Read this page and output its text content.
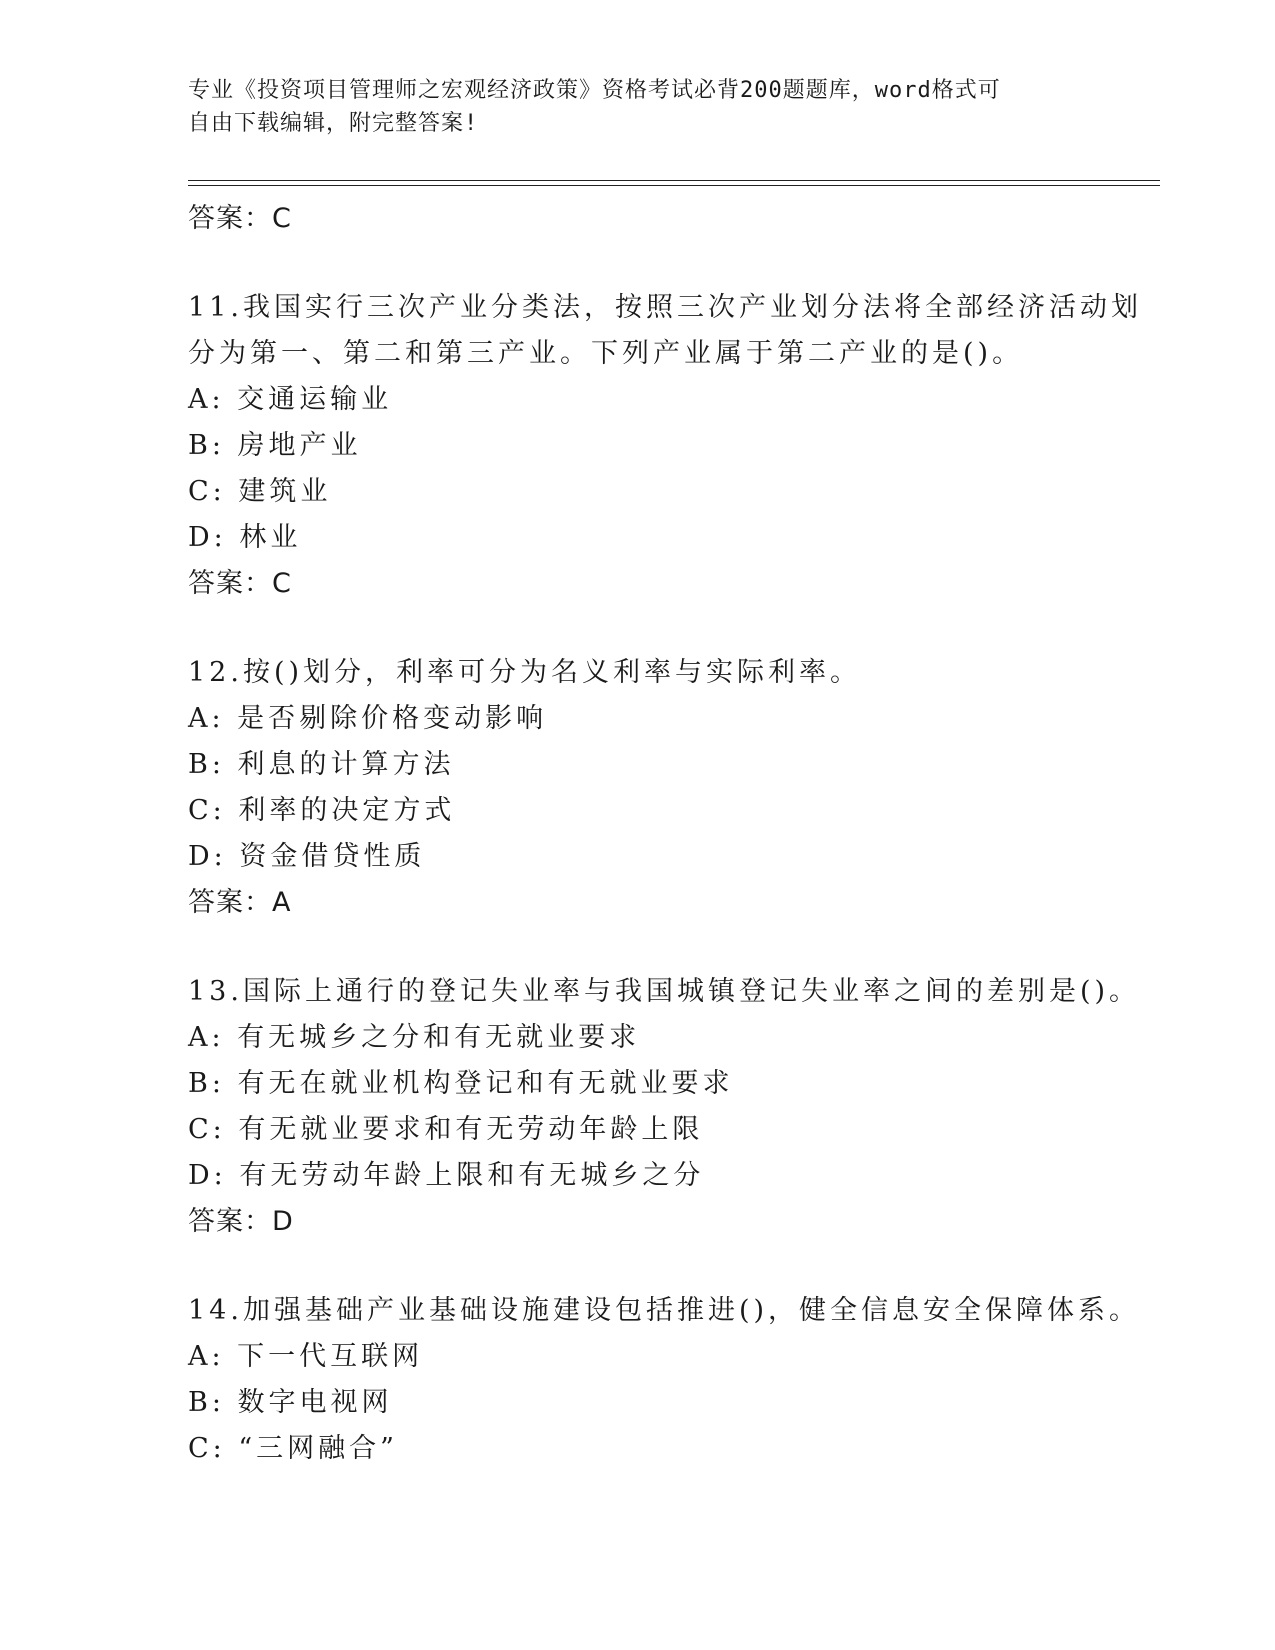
专业《投资项目管理师之宏观经济政策》资格考试必背200题题库，word格式可
自由下载编辑，附完整答案!
答案：C
11.我国实行三次产业分类法，按照三次产业划分法将全部经济活动划
分为第一、第二和第三产业。下列产业属于第二产业的是()。
A: 交通运输业
B: 房地产业
C: 建筑业
D: 林业
答案：C
12.按()划分，利率可分为名义利率与实际利率。
A: 是否剔除价格变动影响
B: 利息的计算方法
C: 利率的决定方式
D: 资金借贷性质
答案：A
13.国际上通行的登记失业率与我国城镇登记失业率之间的差别是()。
A: 有无城乡之分和有无就业要求
B: 有无在就业机构登记和有无就业要求
C: 有无就业要求和有无劳动年龄上限
D: 有无劳动年龄上限和有无城乡之分
答案：D
14.加强基础产业基础设施建设包括推进()，健全信息安全保障体系。
A: 下一代互联网
B: 数字电视网
C: “三网融合”
